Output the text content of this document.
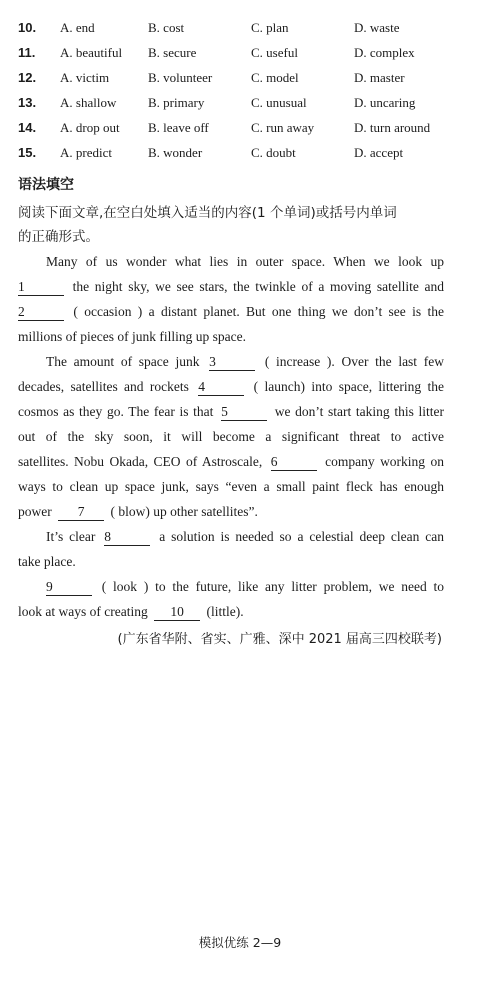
10. A. end	B. cost	C. plan	D. waste
11. A. beautiful B. secure	C. useful	D. complex
12. A. victim	B. volunteer	C. model	D. master
13. A. shallow B. primary	C. unusual	D. uncaring
14. A. drop out B. leave off	C. run away	D. turn around
15. A. predict	B. wonder	C. doubt	D. accept
语法填空
阅读下面文章,在空白处填入适当的内容(1 个单词)或括号内单词
的正确形式。
Many of us wonder what lies in outer space. When we look up
1	the night sky, we see stars, the twinkle of a moving satellite and
2	( occasion ) a distant planet. But one thing we don’t see is the
millions of pieces of junk filling up space.
The amount of space junk 3	( increase ). Over the last few
decades, satellites and rockets 4	( launch) into space, littering the
cosmos as they go. The fear is that 5	we don’t start taking this litter
out of the sky soon, it will become a significant threat to active
satellites. Nobu Okada, CEO of Astroscale, 6	company working on
ways to clean up space junk, says “even a small paint fleck has enough
power 7 ( blow) up other satellites”.
It’s clear 8	a solution is needed so a celestial deep clean can
take place.
9	( look ) to the future, like any litter problem, we need to
look at ways of creating 10 (little).
(广东省华附、省实、广雅、深中 2021 届高三四校联考)
模拟优练 2—9
